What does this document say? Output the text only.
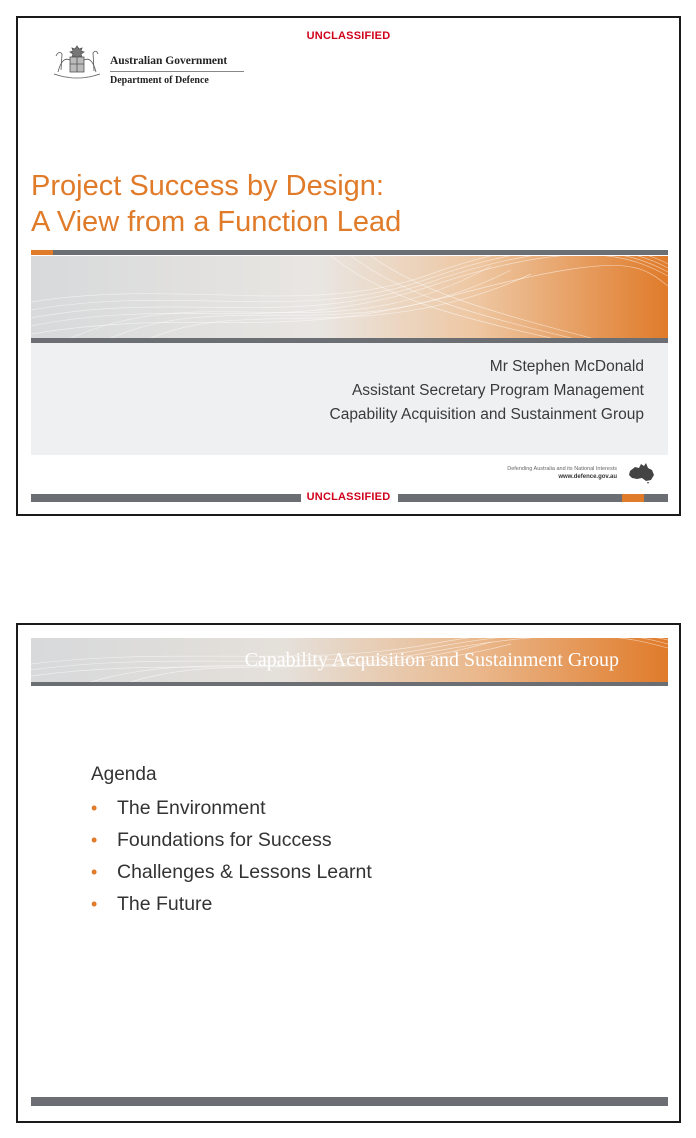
UNCLASSIFIED
Australian Government
Department of Defence
Project Success by Design:
A View from a Function Lead
Mr Stephen McDonald
Assistant Secretary Program Management
Capability Acquisition and Sustainment Group
Defending Australia and its National Interests
www.defence.gov.au
UNCLASSIFIED
Capability Acquisition and Sustainment Group
Agenda
• The Environment
• Foundations for Success
• Challenges & Lessons Learnt
• The Future
